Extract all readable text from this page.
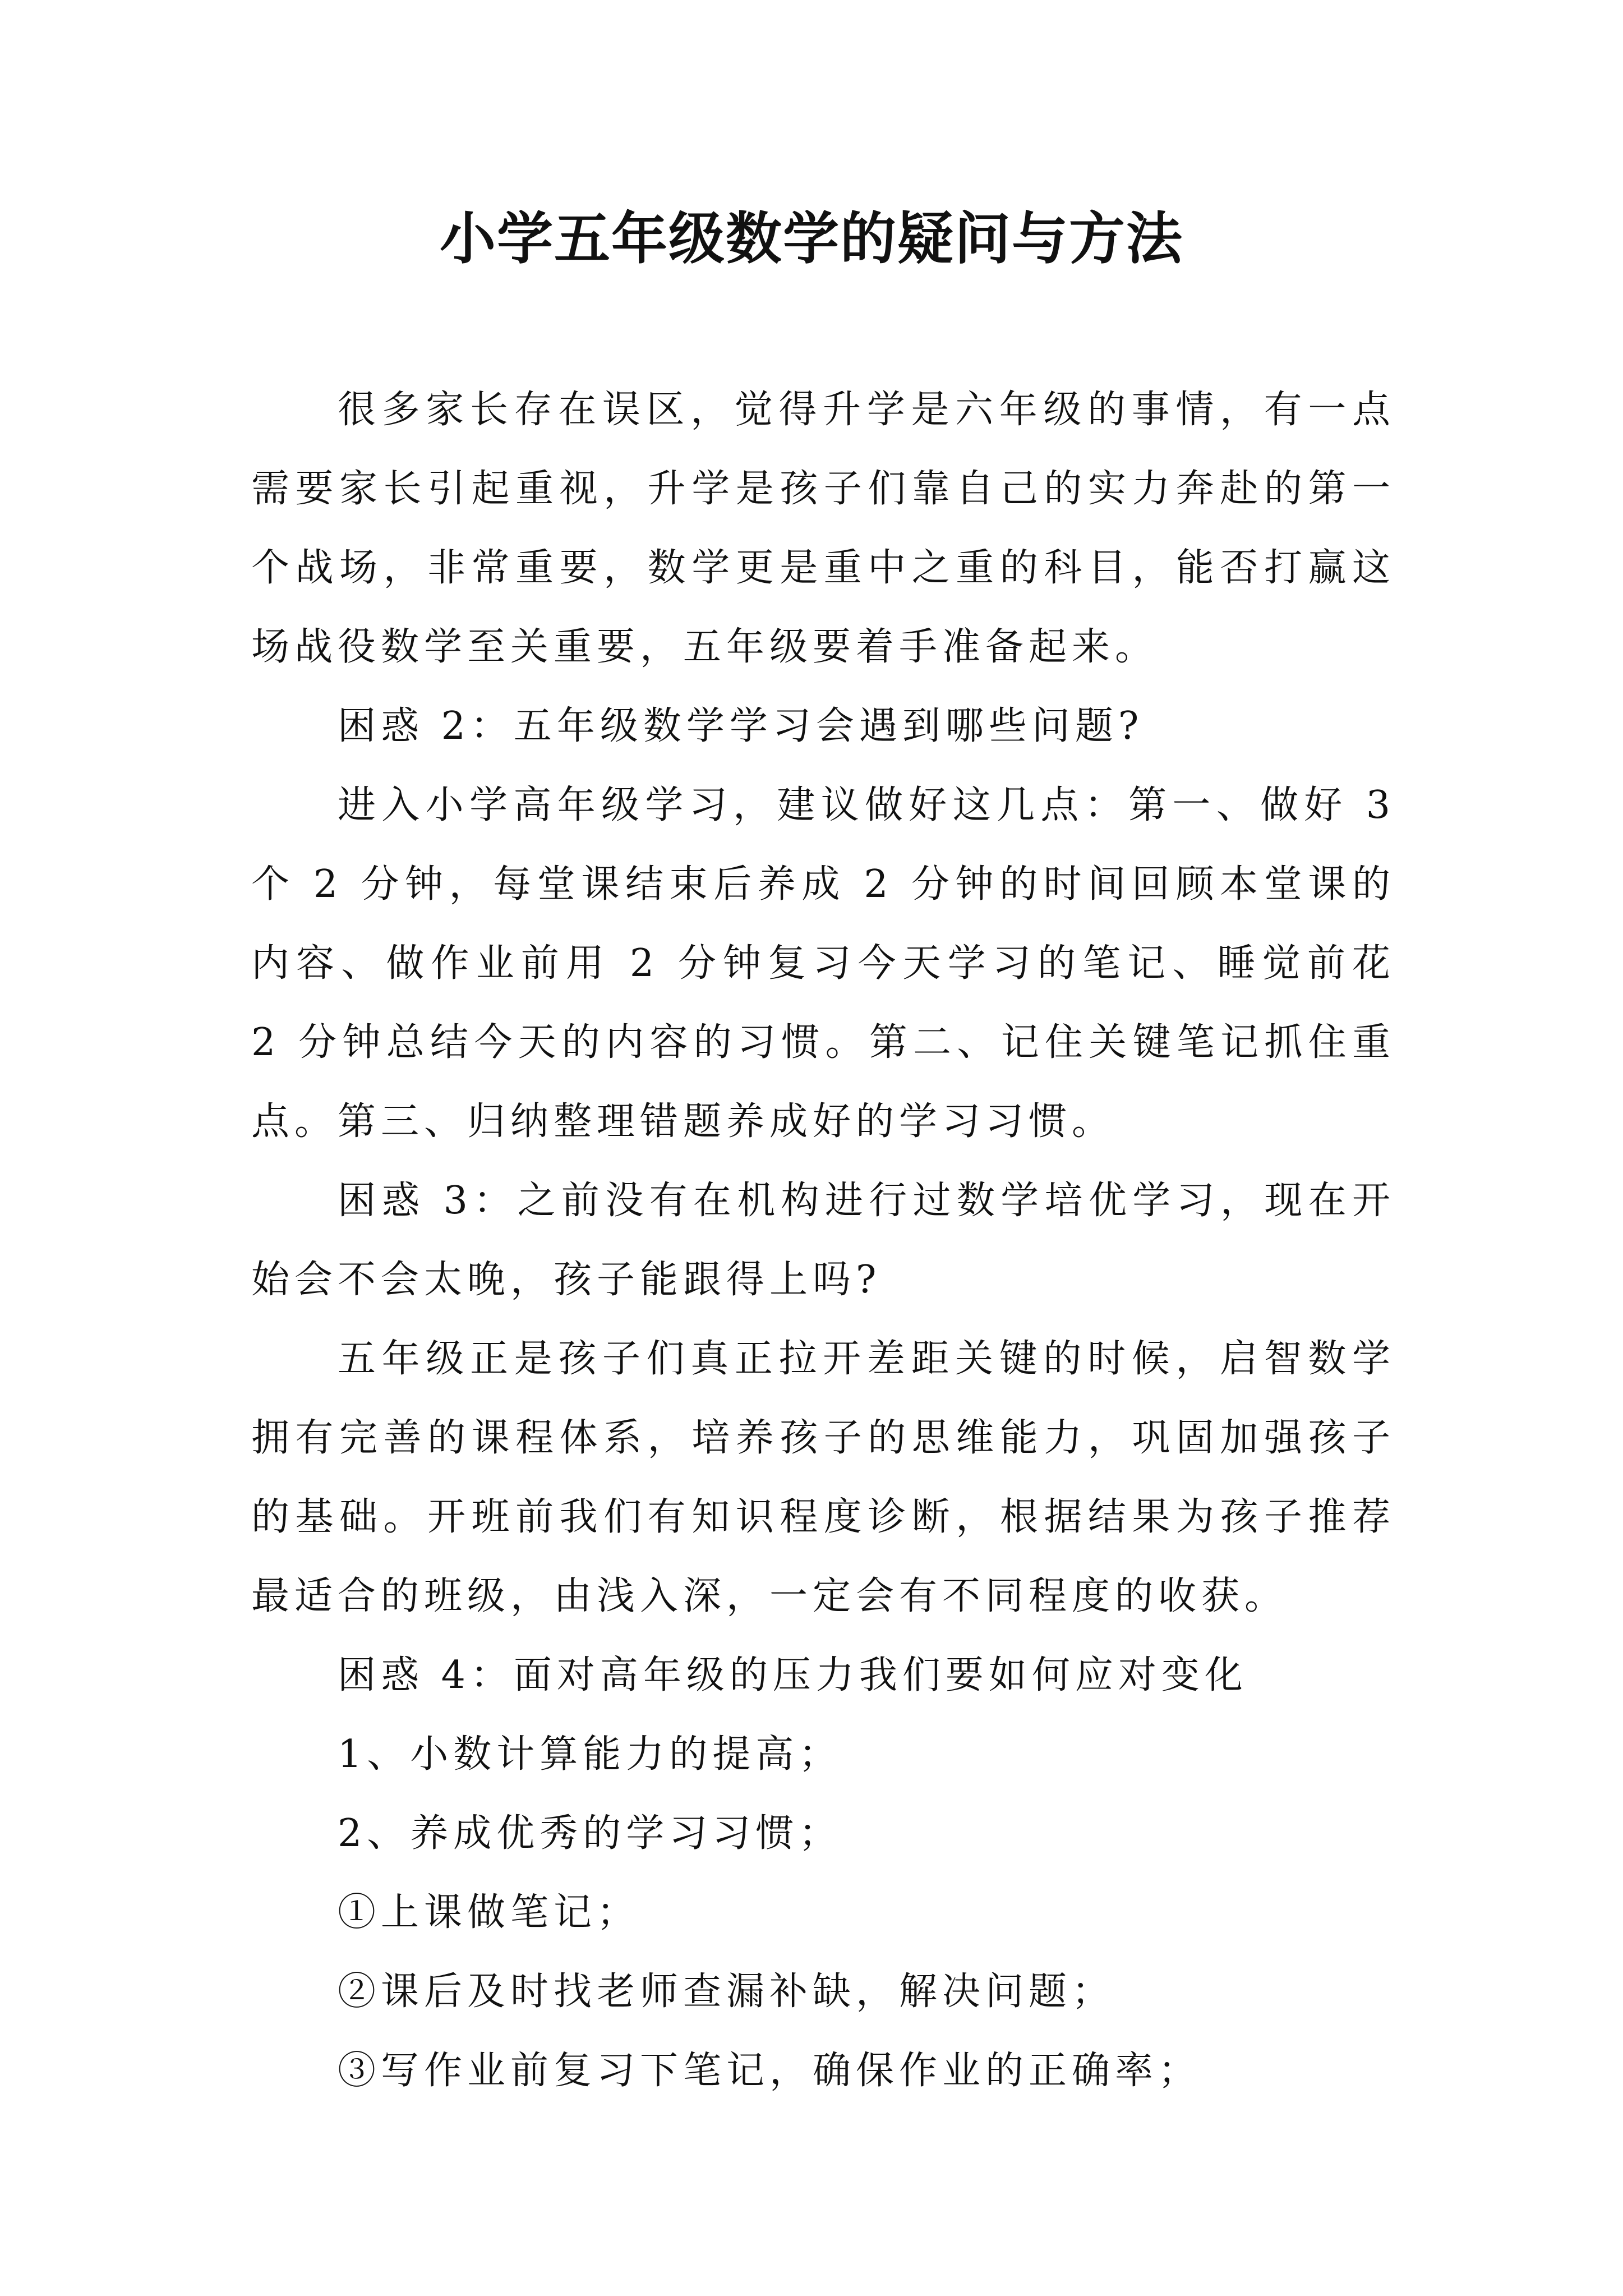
小学五年级数学的疑问与方法

很多家长存在误区，觉得升学是六年级的事情，有一点需要家长引起重视，升学是孩子们靠自己的实力奔赴的第一个战场，非常重要，数学更是重中之重的科目，能否打赢这场战役数学至关重要，五年级要着手准备起来。

困惑 2：五年级数学学习会遇到哪些问题?

进入小学高年级学习，建议做好这几点：第一、做好 3 个 2 分钟，每堂课结束后养成 2 分钟的时间回顾本堂课的内容、做作业前用 2 分钟复习今天学习的笔记、睡觉前花 2 分钟总结今天的内容的习惯。第二、记住关键笔记抓住重点。第三、归纳整理错题养成好的学习习惯。

困惑 3：之前没有在机构进行过数学培优学习，现在开始会不会太晚，孩子能跟得上吗?

五年级正是孩子们真正拉开差距关键的时候，启智数学拥有完善的课程体系，培养孩子的思维能力，巩固加强孩子的基础。开班前我们有知识程度诊断，根据结果为孩子推荐最适合的班级，由浅入深，一定会有不同程度的收获。

困惑 4：面对高年级的压力我们要如何应对变化

1、小数计算能力的提高；

2、养成优秀的学习习惯；

①上课做笔记；

②课后及时找老师查漏补缺，解决问题；

③写作业前复习下笔记，确保作业的正确率；
